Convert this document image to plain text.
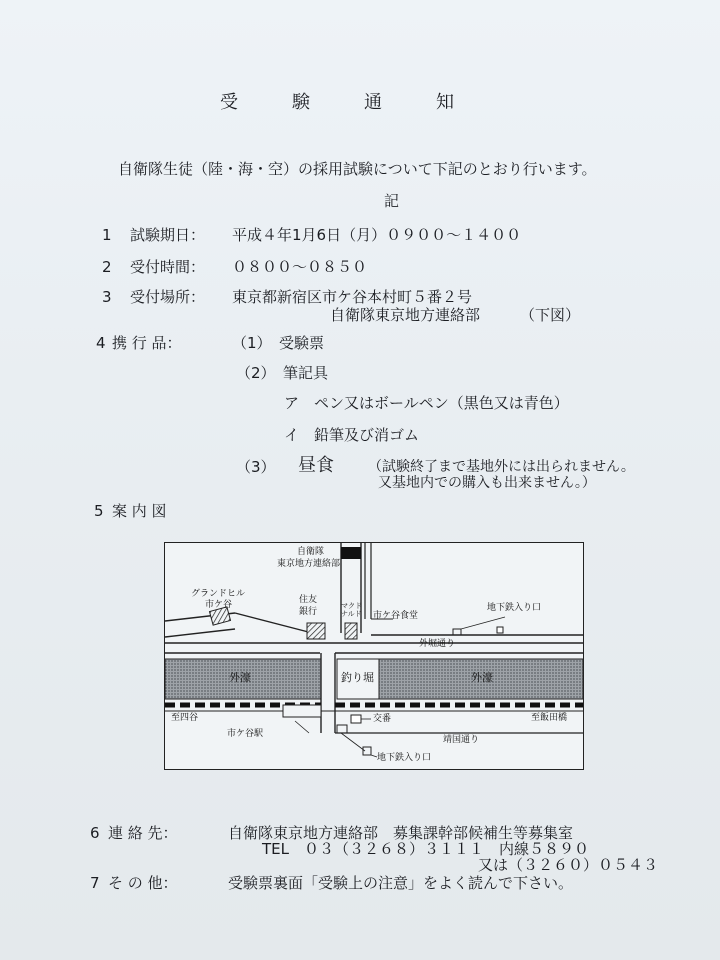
受	験	通	知
自衛隊生徒（陸・海・空）の採用試験について下記のとおり行います。
記
1 試験期日： 平成４年1月6日（月）０９００〜１４００
2 受付時間： ０８００〜０８５０
3 受付場所： 東京都新宿区市ケ谷本村町５番２号
自衛隊東京地方連絡部	（下図）
4 携 行 品：	（1）　受験票
（2）　筆記具
ア　ペン又はボールペン（黒色又は青色）
イ　鉛筆及び消ゴム
（3） 昼食 （試験終了まで基地外には出られません。
又基地内での購入も出来ません。）
5 案 内 図
自衛隊
東京地方連絡部
グランドヒル
市ケ谷	住友
銀行
マクド
ナルド 市ケ谷食堂
地下鉄入り口
外堀通り
外濠	釣り堀	外濠
至四谷	至飯田橋
交番
市ケ谷駅
靖国通り
地下鉄入り口
6 連 絡 先：	自衛隊東京地方連絡部　募集課幹部候補生等募集室
TEL　０３（３２６８）３１１１　内線５８９０
又は（３２６０）０５４３
7 そ の 他：	受験票裏面「受験上の注意」をよく読んで下さい。
